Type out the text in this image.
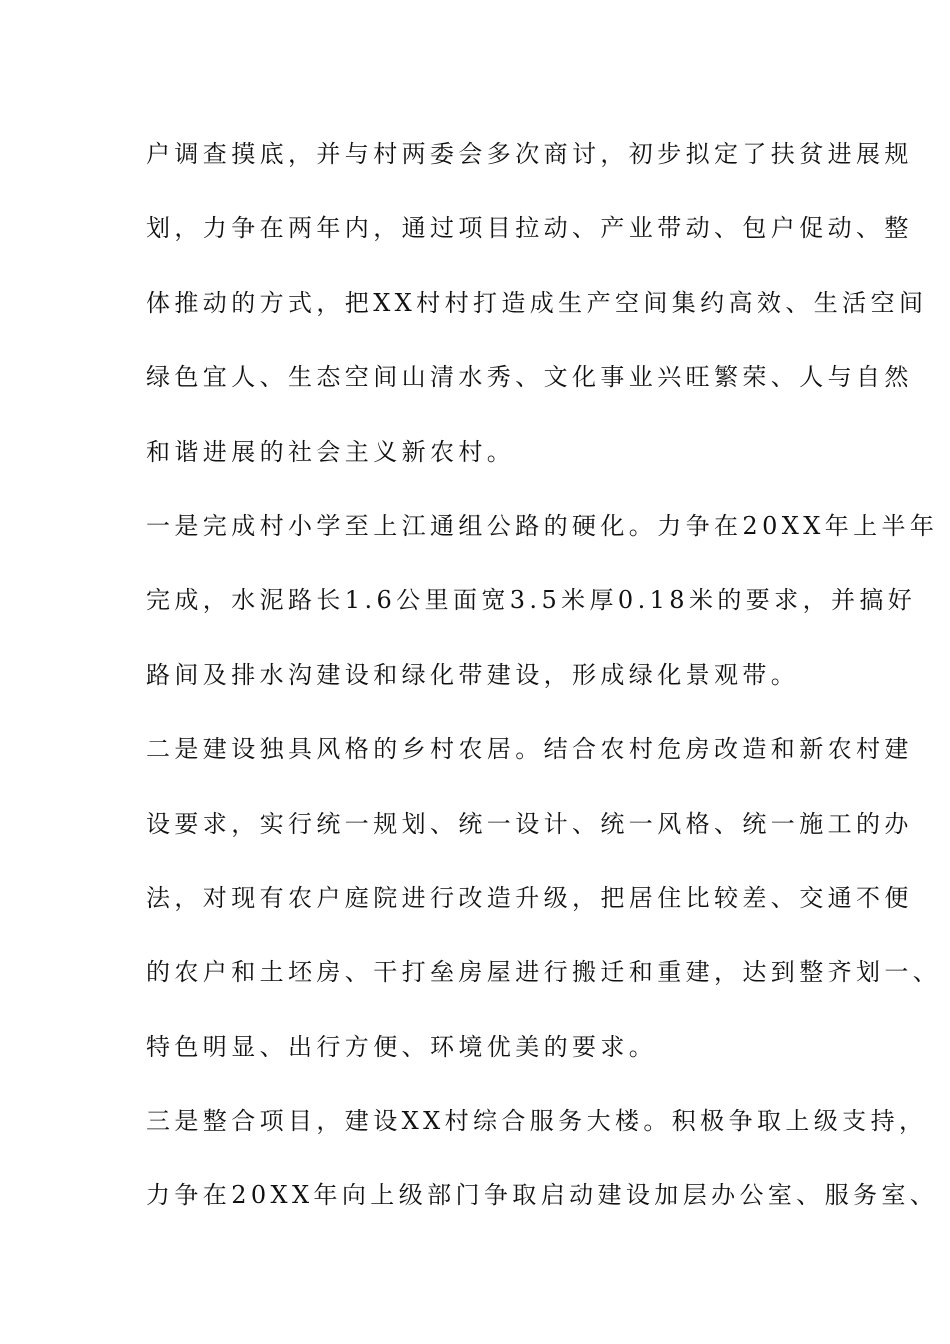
户调查摸底，并与村两委会多次商讨，初步拟定了扶贫进展规
划，力争在两年内，通过项目拉动、产业带动、包户促动、整
体推动的方式，把XX村村打造成生产空间集约高效、生活空间
绿色宜人、生态空间山清水秀、文化事业兴旺繁荣、人与自然
和谐进展的社会主义新农村。
一是完成村小学至上江通组公路的硬化。力争在20XX年上半年
完成，水泥路长1.6公里面宽3.5米厚0.18米的要求，并搞好
路间及排水沟建设和绿化带建设，形成绿化景观带。
二是建设独具风格的乡村农居。结合农村危房改造和新农村建
设要求，实行统一规划、统一设计、统一风格、统一施工的办
法，对现有农户庭院进行改造升级，把居住比较差、交通不便
的农户和土坯房、干打垒房屋进行搬迁和重建，达到整齐划一、
特色明显、出行方便、环境优美的要求。
三是整合项目，建设XX村综合服务大楼。积极争取上级支持，
力争在20XX年向上级部门争取启动建设加层办公室、服务室、
